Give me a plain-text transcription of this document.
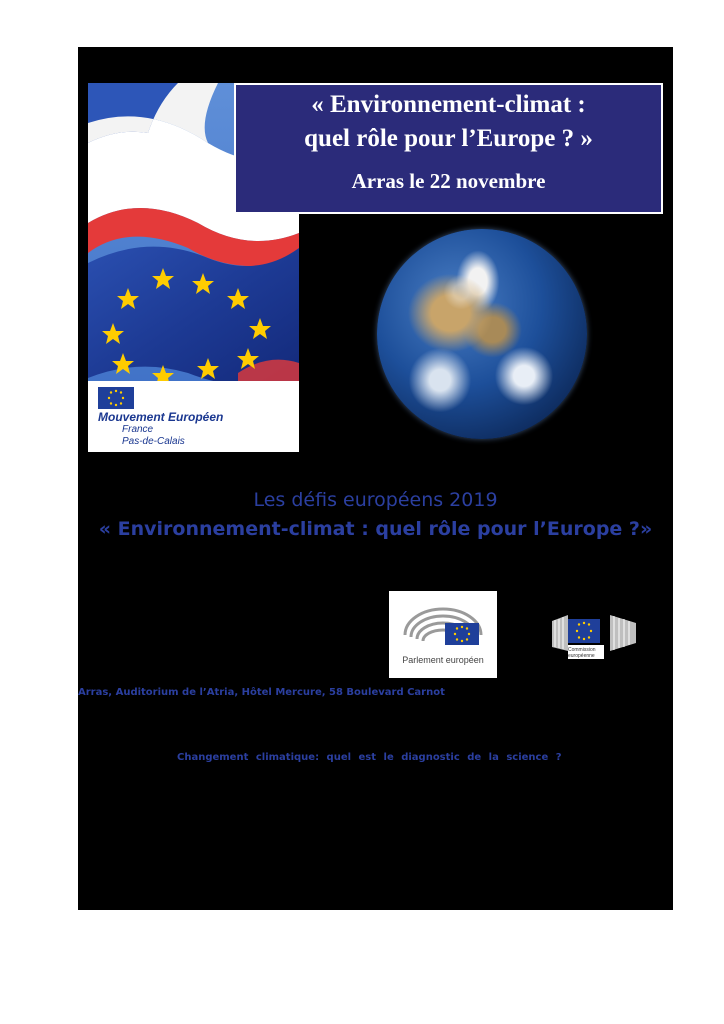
Mouvement Européen
France
Pas-de-Calais
« Environnement-climat :
quel rôle pour l’Europe ? »
Arras le 22 novembre
Les défis européens 2019
« Environnement-climat : quel rôle pour l’Europe ?»
Parlement européen
Commission
européenne
Arras, Auditorium de l’Atria, Hôtel Mercure, 58 Boulevard Carnot
Changement climatique: quel est le diagnostic de la science ?
